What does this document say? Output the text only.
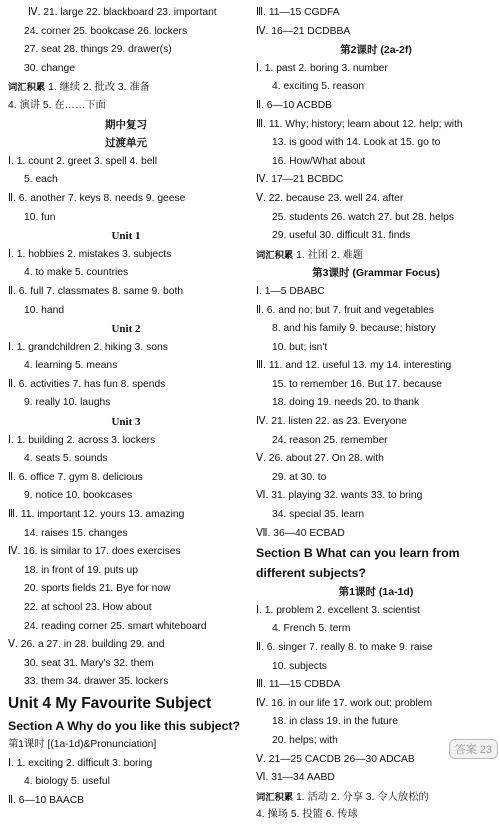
Ⅳ. 21. large 22. blackboard 23. important
24. corner 25. bookcase 26. lockers
27. seat 28. things 29. drawer(s)
30. change
词汇积累 1. 继续 2. 批改 3. 准备
4. 演讲 5. 在……下面
期中复习
过渡单元
Ⅰ. 1. count 2. greet 3. spell 4. bell
5. each
Ⅱ. 6. another 7. keys 8. needs 9. geese
10. fun
Unit 1
Ⅰ. 1. hobbies 2. mistakes 3. subjects
4. to make 5. countries
Ⅱ. 6. full 7. classmates 8. same 9. both
10. hand
Unit 2
Ⅰ. 1. grandchildren 2. hiking 3. sons
4. learning 5. means
Ⅱ. 6. activities 7. has fun 8. spends
9. really 10. laughs
Unit 3
Ⅰ. 1. building 2. across 3. lockers
4. seats 5. sounds
Ⅱ. 6. office 7. gym 8. delicious
9. notice 10. bookcases
Ⅲ. 11. important 12. yours 13. amazing
14. raises 15. changes
Ⅳ. 16. is similar to 17. does exercises
18. in front of 19. puts up
20. sports fields 21. Bye for now
22. at school 23. How about
24. reading corner 25. smart whiteboard
Ⅴ. 26. a 27. in 28. building 29. and
30. seat 31. Mary's 32. them
33. them 34. drawer 35. lockers
Unit 4 My Favourite Subject
Section A Why do you like this subject?
第1课时 [(1a-1d)&Pronunciation]
Ⅰ. 1. exciting 2. difficult 3. boring
4. biology 5. useful
Ⅱ. 6—10 BAACB
Ⅲ. 11—15 CGDFA
Ⅳ. 16—21 DCDBBA
第2课时 (2a-2f)
Ⅰ. 1. past 2. boring 3. number
4. exciting 5. reason
Ⅱ. 6—10 ACBDB
Ⅲ. 11. Why; history; learn about 12. help; with
13. is good with 14. Look at 15. go to
16. How/What about
Ⅳ. 17—21 BCBDC
Ⅴ. 22. because 23. well 24. after
25. students 26. watch 27. but 28. helps
29. useful 30. difficult 31. finds
词汇积累 1. 社团 2. 难题
第3课时 (Grammar Focus)
Ⅰ. 1—5 DBABC
Ⅱ. 6. and no; but 7. fruit and vegetables
8. and his family 9. because; history
10. but; isn't
Ⅲ. 11. and 12. useful 13. my 14. interesting
15. to remember 16. But 17. because
18. doing 19. needs 20. to thank
Ⅳ. 21. listen 22. as 23. Everyone
24. reason 25. remember
Ⅴ. 26. about 27. On 28. with
29. at 30. to
Ⅵ. 31. playing 32. wants 33. to bring
34. special 35. learn
Ⅶ. 36—40 ECBAD
Section B What can you learn from
different subjects?
第1课时 (1a-1d)
Ⅰ. 1. problem 2. excellent 3. scientist
4. French 5. term
Ⅱ. 6. singer 7. really 8. to make 9. raise
10. subjects
Ⅲ. 11—15 CDBDA
Ⅳ. 16. in our life 17. work out; problem
18. in class 19. in the future
20. helps; with
Ⅴ. 21—25 CACDB 26—30 ADCAB
Ⅵ. 31—34 AABD
词汇积累 1. 活动 2. 分享 3. 令人放松的
4. 操场 5. 投篮 6. 传球
答案 23
